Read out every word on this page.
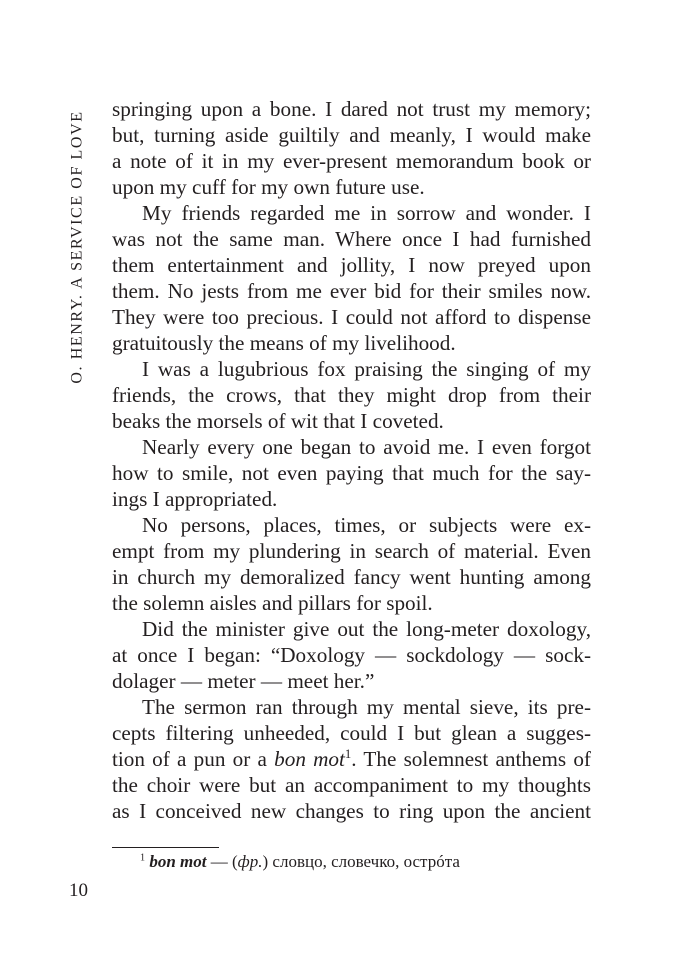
O. HENRY. A SERVICE OF LOVE
springing upon a bone. I dared not trust my memory;
but, turning aside guiltily and meanly, I would make
a note of it in my ever-present memorandum book or
upon my cuff for my own future use.
My friends regarded me in sorrow and wonder. I
was not the same man. Where once I had furnished
them entertainment and jollity, I now preyed upon
them. No jests from me ever bid for their smiles now.
They were too precious. I could not afford to dispense
gratuitously the means of my livelihood.
I was a lugubrious fox praising the singing of my
friends, the crows, that they might drop from their
beaks the morsels of wit that I coveted.
Nearly every one began to avoid me. I even forgot
how to smile, not even paying that much for the say-
ings I appropriated.
No persons, places, times, or subjects were ex-
empt from my plundering in search of material. Even
in church my demoralized fancy went hunting among
the solemn aisles and pillars for spoil.
Did the minister give out the long-meter doxology,
at once I began: “Doxology — sockdology — sock-
dolager — meter — meet her.”
The sermon ran through my mental sieve, its pre-
cepts filtering unheeded, could I but glean a sugges-
tion of a pun or a bon mot$^1$. The solemnest anthems of
the choir were but an accompaniment to my thoughts
as I conceived new changes to ring upon the ancient
$^1$ bon mot — (фр.) словцо, словечко, острóта
10
